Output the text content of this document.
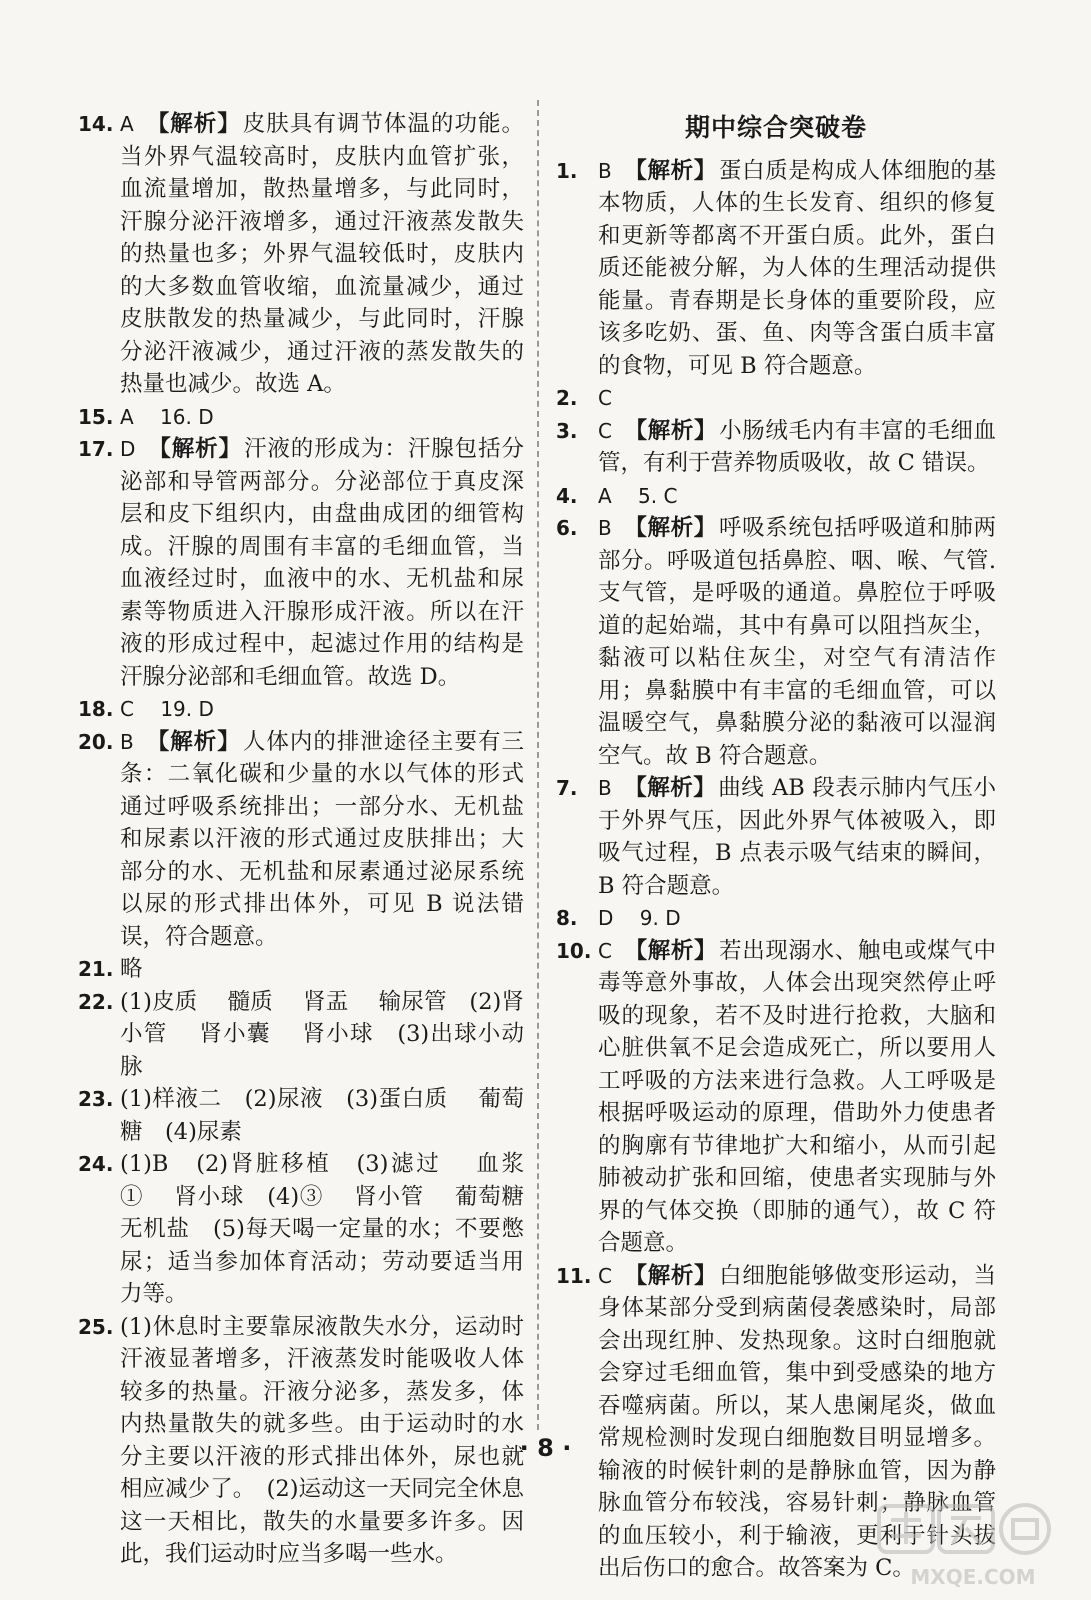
14. A 【解析】皮肤具有调节体温的功能。当外界气温较高时，皮肤内血管扩张，血流量增加，散热量增多，与此同时，汗腺分泌汗液增多，通过汗液蒸发散失的热量也多；外界气温较低时，皮肤内的大多数血管收缩，血流量减少，通过皮肤散发的热量减少，与此同时，汗腺分泌汗液减少，通过汗液的蒸发散失的热量也减少。故选 A。
15. A　 16. D
17. D 【解析】汗液的形成为：汗腺包括分泌部和导管两部分。分泌部位于真皮深层和皮下组织内，由盘曲成团的细管构成。汗腺的周围有丰富的毛细血管，当血液经过时，血液中的水、无机盐和尿素等物质进入汗腺形成汗液。所以在汗液的形成过程中，起滤过作用的结构是汗腺分泌部和毛细血管。故选 D。
18. C　 19. D
20. B 【解析】人体内的排泄途径主要有三条：二氧化碳和少量的水以气体的形式通过呼吸系统排出；一部分水、无机盐和尿素以汗液的形式通过皮肤排出；大部分的水、无机盐和尿素通过泌尿系统以尿的形式排出体外，可见 B 说法错误，符合题意。
21. 略
22. (1)皮质　 髓质　 肾盂　 输尿管　(2)肾小管　 肾小囊　 肾小球　(3)出球小动脉
23. (1)样液二　(2)尿液　(3)蛋白质　 葡萄糖　(4)尿素
24. (1)B　(2)肾脏移植　(3)滤过　 血浆　①　 肾小球　(4)③　 肾小管　 葡萄糖　 无机盐　(5)每天喝一定量的水；不要憋尿；适当参加体育活动；劳动要适当用力等。
25. (1)休息时主要靠尿液散失水分，运动时汗液显著增多，汗液蒸发时能吸收人体较多的热量。汗液分泌多，蒸发多，体内热量散失的就多些。由于运动时的水分主要以汗液的形式排出体外，尿也就相应减少了。　(2)运动这一天同完全休息这一天相比，散失的水量要多许多。因此，我们运动时应当多喝一些水。
期中综合突破卷
1. B 【解析】蛋白质是构成人体细胞的基本物质，人体的生长发育、组织的修复和更新等都离不开蛋白质。此外，蛋白质还能被分解，为人体的生理活动提供能量。青春期是长身体的重要阶段，应该多吃奶、蛋、鱼、肉等含蛋白质丰富的食物，可见 B 符合题意。
2. C
3. C 【解析】小肠绒毛内有丰富的毛细血管，有利于营养物质吸收，故 C 错误。
4. A　 5. C
6. B 【解析】呼吸系统包括呼吸道和肺两部分。呼吸道包括鼻腔、咽、喉、气管. 支气管，是呼吸的通道。鼻腔位于呼吸道的起始端，其中有鼻可以阻挡灰尘，黏液可以粘住灰尘，对空气有清洁作用；鼻黏膜中有丰富的毛细血管，可以温暖空气，鼻黏膜分泌的黏液可以湿润空气。故 B 符合题意。
7. B 【解析】曲线 AB 段表示肺内气压小于外界气压，因此外界气体被吸入，即吸气过程，B 点表示吸气结束的瞬间，B 符合题意。
8. D　 9. D
10. C 【解析】若出现溺水、触电或煤气中毒等意外事故，人体会出现突然停止呼吸的现象，若不及时进行抢救，大脑和心脏供氧不足会造成死亡，所以要用人工呼吸的方法来进行急救。人工呼吸是根据呼吸运动的原理，借助外力使患者的胸廓有节律地扩大和缩小，从而引起肺被动扩张和回缩，使患者实现肺与外界的气体交换（即肺的通气），故 C 符合题意。
11. C 【解析】白细胞能够做变形运动，当身体某部分受到病菌侵袭感染时，局部会出现红肿、发热现象。这时白细胞就会穿过毛细血管，集中到受感染的地方吞噬病菌。所以，某人患阑尾炎，做血常规检测时发现白细胞数目明显增多。输液的时候针刺的是静脉血管，因为静脉血管分布较浅，容易针刺；静脉血管的血压较小，利于输液，更利于针头拔出后伤口的愈合。故答案为 C。
· 8 ·
MXQE.COM
